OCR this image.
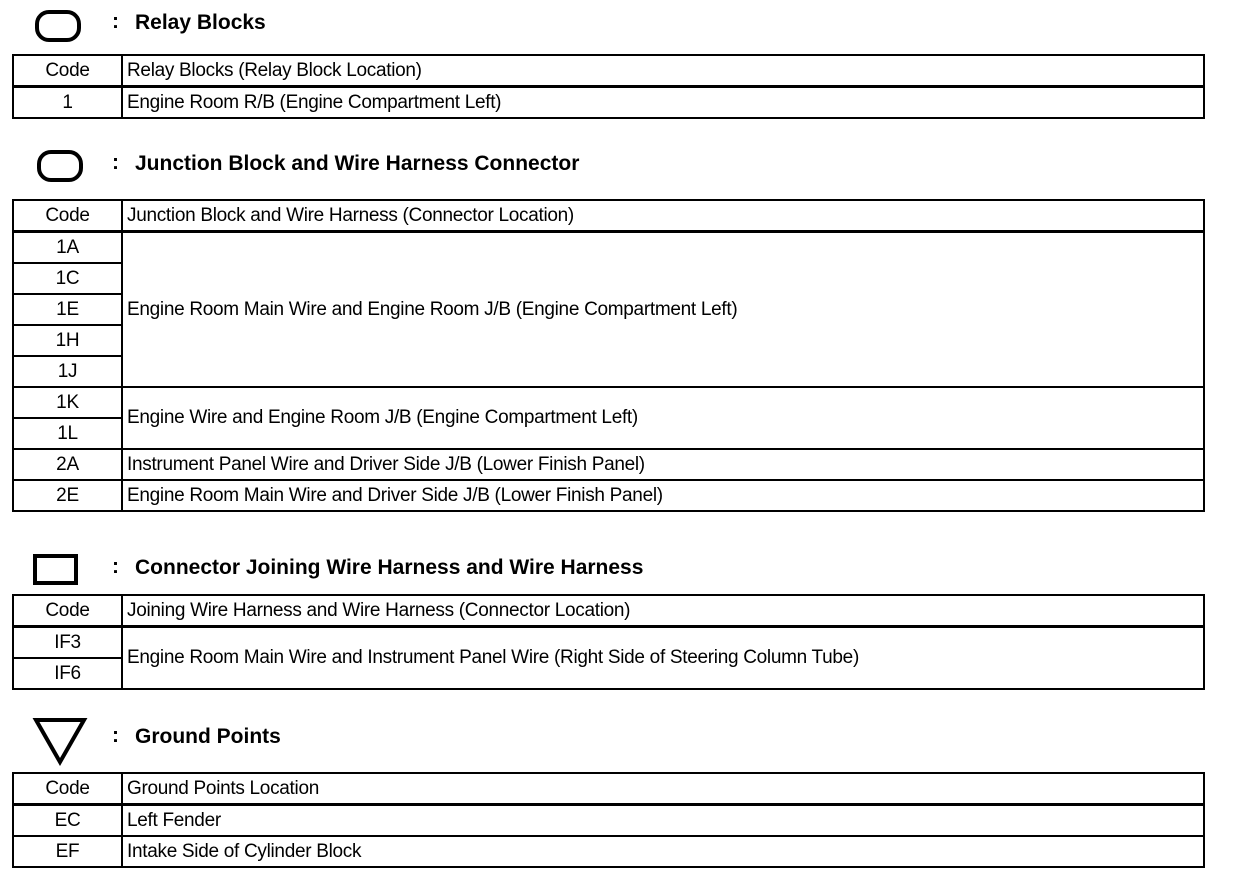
: Relay Blocks
Code	Relay Blocks (Relay Block Location)
1	Engine Room R/B (Engine Compartment Left)
: Junction Block and Wire Harness Connector
Code	Junction Block and Wire Harness (Connector Location)
1A	Engine Room Main Wire and Engine Room J/B (Engine Compartment Left)
1C	
1E	
1H	
1J	
1K	Engine Wire and Engine Room J/B (Engine Compartment Left)
1L	
2A	Instrument Panel Wire and Driver Side J/B (Lower Finish Panel)
2E	Engine Room Main Wire and Driver Side J/B (Lower Finish Panel)
: Connector Joining Wire Harness and Wire Harness
Code	Joining Wire Harness and Wire Harness (Connector Location)
IF3	Engine Room Main Wire and Instrument Panel Wire (Right Side of Steering Column Tube)
IF6	
: Ground Points
Code	Ground Points Location
EC	Left Fender
EF	Intake Side of Cylinder Block
